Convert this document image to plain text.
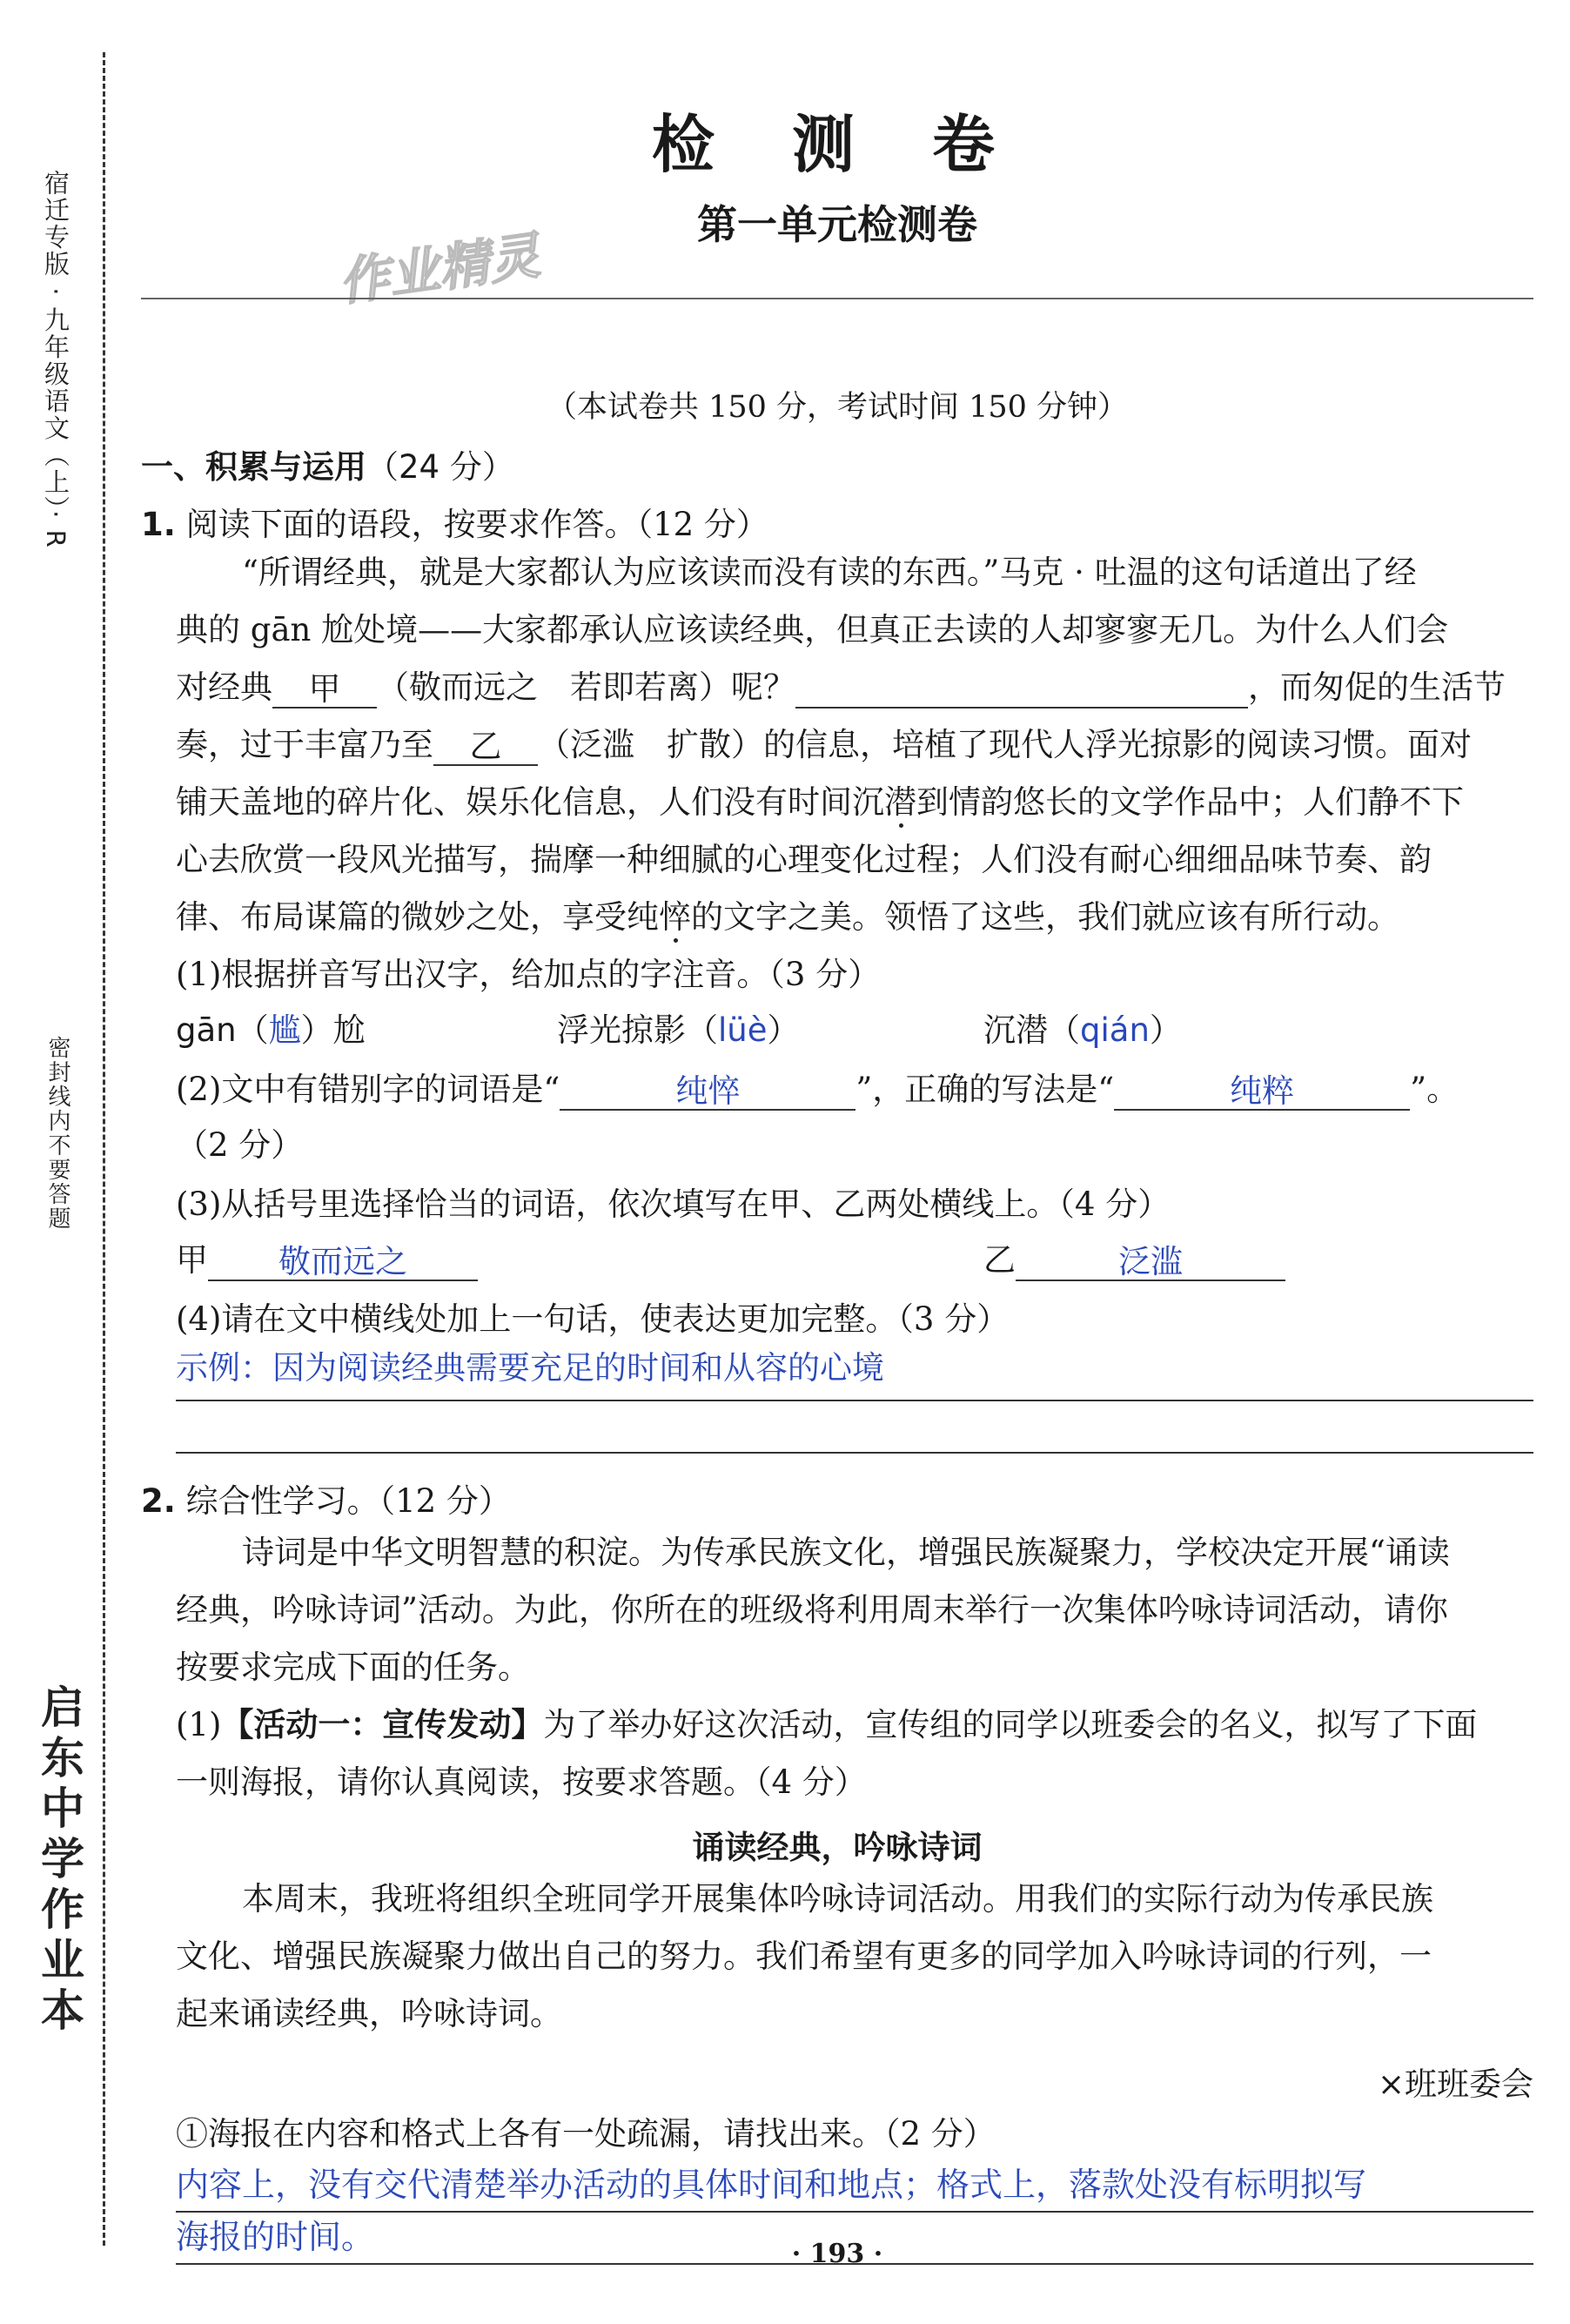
宿迁专版 · 九年级语文（上）· R
密封线内不要答题
启东中学作业本
检 测 卷
第一单元检测卷
作业精灵
（本试卷共 150 分，考试时间 150 分钟）
一、积累与运用（24 分）
1. 阅读下面的语段，按要求作答。（12 分）
“所谓经典，就是大家都认为应该读而没有读的东西。”马克 · 吐温的这句话道出了经
典的 gān 尬处境——大家都承认应该读经典，但真正去读的人却寥寥无几。为什么人们会
对经典 甲 （敬而远之　若即若离）呢？	，而匆促的生活节
奏，过于丰富乃至 乙 （泛滥　扩散）的信息，培植了现代人浮光掠影的阅读习惯。面对
铺天盖地的碎片化、娱乐化信息，人们没有时间沉潜到情韵悠长的文学作品中；人们静不下
心去欣赏一段风光描写，揣摩一种细腻的心理变化过程；人们没有耐心细细品味节奏、韵
律、布局谋篇的微妙之处，享受纯悴的文字之美。领悟了这些，我们就应该有所行动。
(1)根据拼音写出汉字，给加点的字注音。（3 分）
gān（尴）尬	浮光掠影（lüè）	沉潜（qián）
(2)文中有错别字的词语是“	纯悴	”，正确的写法是“	纯粹	”。
（2 分）
(3)从括号里选择恰当的词语，依次填写在甲、乙两处横线上。（4 分）
甲 敬而远之	乙	泛滥
(4)请在文中横线处加上一句话，使表达更加完整。（3 分）
示例：因为阅读经典需要充足的时间和从容的心境
2. 综合性学习。（12 分）
诗词是中华文明智慧的积淀。为传承民族文化，增强民族凝聚力，学校决定开展“诵读
经典，吟咏诗词”活动。为此，你所在的班级将利用周末举行一次集体吟咏诗词活动，请你
按要求完成下面的任务。
(1)【活动一：宣传发动】为了举办好这次活动，宣传组的同学以班委会的名义，拟写了下面
一则海报，请你认真阅读，按要求答题。（4 分）
诵读经典，吟咏诗词
本周末，我班将组织全班同学开展集体吟咏诗词活动。用我们的实际行动为传承民族
文化、增强民族凝聚力做出自己的努力。我们希望有更多的同学加入吟咏诗词的行列，一
起来诵读经典，吟咏诗词。
×班班委会
①海报在内容和格式上各有一处疏漏，请找出来。（2 分）
内容上，没有交代清楚举办活动的具体时间和地点；格式上，落款处没有标明拟写
海报的时间。	· 193 ·
